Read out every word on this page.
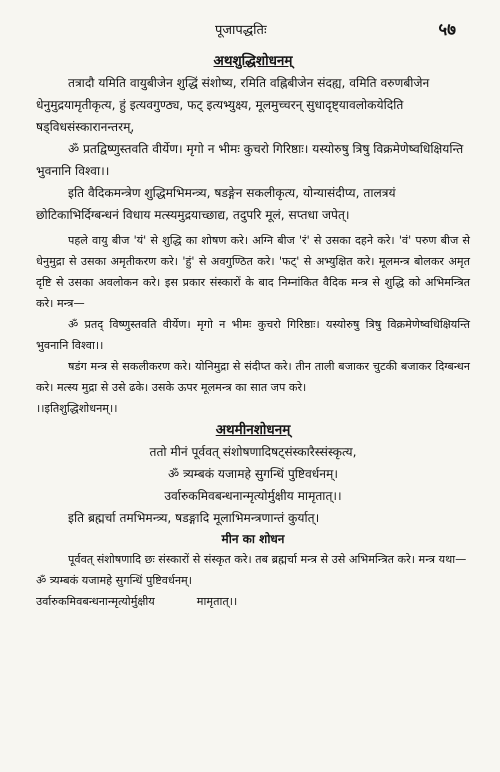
पूजापद्धतिः	५७

अथशुद्धिशोधनम्

तत्रादौ यमिति वायुबीजेन शुद्धिं संशोष्य, रमिति वह्निबीजेन संदह्य, वमिति वरुणबीजेन धेनुमुद्रयामृतीकृत्य, हुं इत्यवगुण्ठ्य, फट् इत्यभ्युक्ष्य, मूलमुच्चरन् सुधादृष्ट्यावलोकयेदिति षड्विधसंस्कारानन्तरम्,

ॐ प्रतद्विष्णुस्तवति वीर्येण। मृगो न भीमः कुचरो गिरिष्ठाः। यस्योरुषु त्रिषु विक्रमेणेष्वधिक्षियन्ति भुवनानि विश्वा।।

इति वैदिकमन्त्रेण शुद्धिमभिमन्त्र्य, षडङ्गेन सकलीकृत्य, योन्यासंदीप्य, तालत्रयं छोटिकाभिर्दिग्बन्धनं विधाय मत्स्यमुद्रयाच्छाद्य, तदुपरि मूलं, सप्तधा जपेत्।

पहले वायु बीज 'यं' से शुद्धि का शोषण करे। अग्नि बीज 'रं' से उसका दहने करे। 'वं' परुण बीज से धेनुमुद्रा से उसका अमृतीकरण करे। 'हुं' से अवगुण्ठित करे। 'फट्' से अभ्युक्षित करे। मूलमन्त्र बोलकर अमृत दृष्टि से उसका अवलोकन करे। इस प्रकार संस्कारों के बाद निम्नांकित वैदिक मन्त्र से शुद्धि को अभिमन्त्रित करे। मन्त्र—

ॐ प्रतद् विष्णुस्तवति वीर्येण। मृगो न भीमः कुचरो गिरिष्ठाः। यस्योरुषु त्रिषु विक्रमेणेष्वधिक्षियन्ति भुवनानि विश्वा।।

षडंग मन्त्र से सकलीकरण करे। योनिमुद्रा से संदीप्त करे। तीन ताली बजाकर चुटकी बजाकर दिग्बन्धन करे। मत्स्य मुद्रा से उसे ढके। उसके ऊपर मूलमन्त्र का सात जप करे।

।।इतिशुद्धिशोधनम्।।

अथमीनशोधनम्

ततो मीनं पूर्ववत् संशोषणादिषट्संस्कारैस्संस्कृत्य,

ॐ त्र्यम्बकं यजामहे सुगन्धिं पुष्टिवर्धनम्।

उर्वारुकमिवबन्धनान्मृत्योर्मुक्षीय मामृतात्।।

इति ब्रह्मर्चा तमभिमन्त्र्य, षडङ्गादि मूलाभिमन्त्रणान्तं कुर्यात्।

मीन का शोधन

पूर्ववत् संशोषणादि छः संस्कारों से संस्कृत करे। तब ब्रह्मर्चा मन्त्र से उसे अभिमन्त्रित करे। मन्त्र यथा—

ॐ त्र्यम्बकं यजामहे सुगन्धिं पुष्टिवर्धनम्।

उर्वारुकमिवबन्धनान्मृत्योर्मुक्षीय	मामृतात्।।
